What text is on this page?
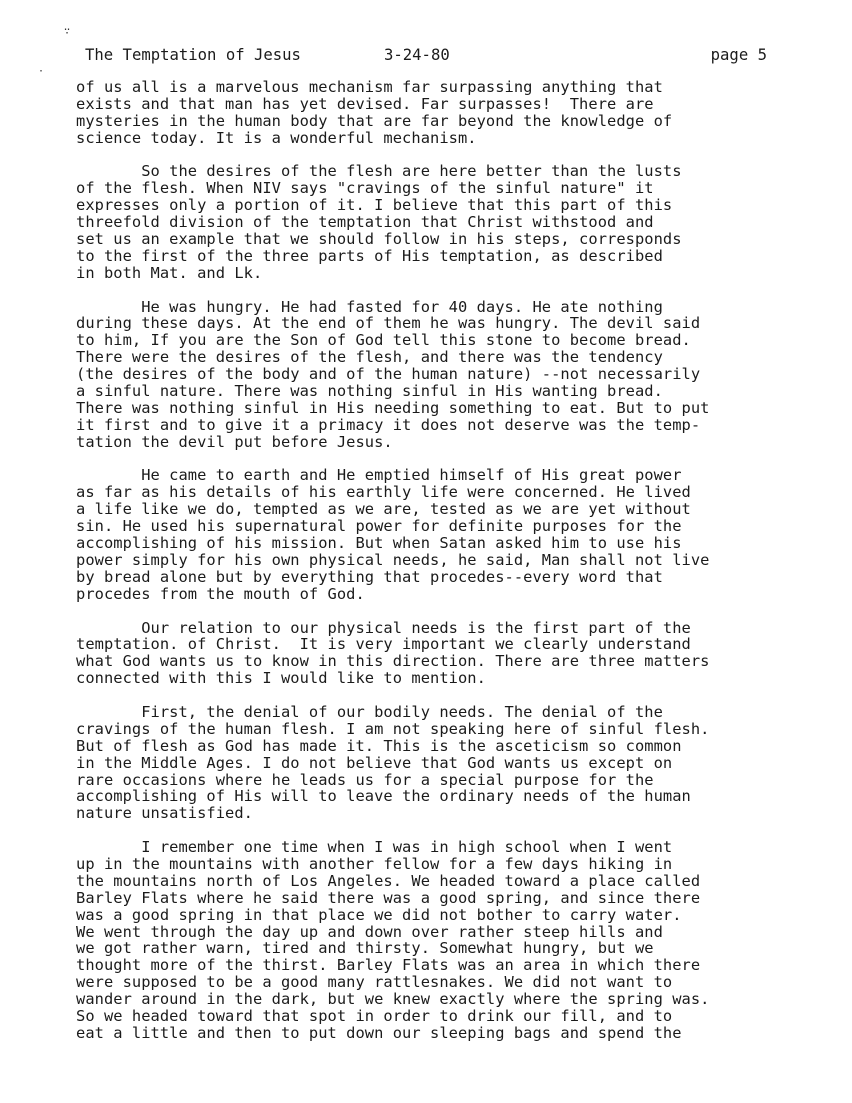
∵
·
The Temptation of Jesus	3-24-80	page 5
of us all is a marvelous mechanism far surpassing anything that
exists and that man has yet devised. Far surpasses!  There are
mysteries in the human body that are far beyond the knowledge of
science today. It is a wonderful mechanism.
So the desires of the flesh are here better than the lusts
of the flesh. When NIV says "cravings of the sinful nature" it
expresses only a portion of it. I believe that this part of this
threefold division of the temptation that Christ withstood and
set us an example that we should follow in his steps, corresponds
to the first of the three parts of His temptation, as described
in both Mat. and Lk.
He was hungry. He had fasted for 40 days. He ate nothing
during these days. At the end of them he was hungry. The devil said
to him, If you are the Son of God tell this stone to become bread.
There were the desires of the flesh, and there was the tendency
(the desires of the body and of the human nature) --not necessarily
a sinful nature. There was nothing sinful in His wanting bread.
There was nothing sinful in His needing something to eat. But to put
it first and to give it a primacy it does not deserve was the temp-
tation the devil put before Jesus.
He came to earth and He emptied himself of His great power
as far as his details of his earthly life were concerned. He lived
a life like we do, tempted as we are, tested as we are yet without
sin. He used his supernatural power for definite purposes for the
accomplishing of his mission. But when Satan asked him to use his
power simply for his own physical needs, he said, Man shall not live
by bread alone but by everything that procedes--every word that
procedes from the mouth of God.
Our relation to our physical needs is the first part of the
temptation. of Christ.  It is very important we clearly understand
what God wants us to know in this direction. There are three matters
connected with this I would like to mention.
First, the denial of our bodily needs. The denial of the
cravings of the human flesh. I am not speaking here of sinful flesh.
But of flesh as God has made it. This is the asceticism so common
in the Middle Ages. I do not believe that God wants us except on
rare occasions where he leads us for a special purpose for the
accomplishing of His will to leave the ordinary needs of the human
nature unsatisfied.
I remember one time when I was in high school when I went
up in the mountains with another fellow for a few days hiking in
the mountains north of Los Angeles. We headed toward a place called
Barley Flats where he said there was a good spring, and since there
was a good spring in that place we did not bother to carry water.
We went through the day up and down over rather steep hills and
we got rather warn, tired and thirsty. Somewhat hungry, but we
thought more of the thirst. Barley Flats was an area in which there
were supposed to be a good many rattlesnakes. We did not want to
wander around in the dark, but we knew exactly where the spring was.
So we headed toward that spot in order to drink our fill, and to
eat a little and then to put down our sleeping bags and spend the
